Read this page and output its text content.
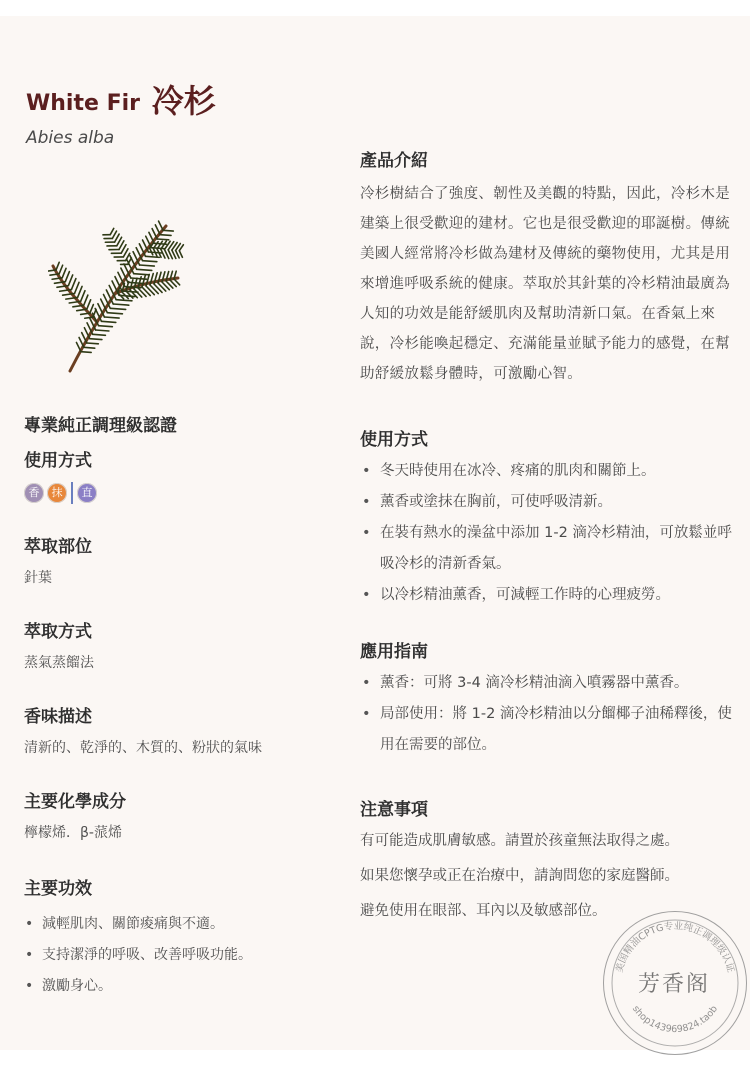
White Fir 冷杉
Abies alba
專業純正調理級認證
使用方式
香	抹	直
萃取部位
針葉
萃取方式
蒸氣蒸餾法
香味描述
清新的、乾淨的、木質的、粉狀的氣味
主要化學成分
檸檬烯．β-蒎烯
主要功效
• 減輕肌肉、關節痠痛與不適。
• 支持潔淨的呼吸、改善呼吸功能。
• 激勵身心。
產品介紹

冷杉樹結合了強度、韌性及美觀的特點，因此，冷杉木是建築上很受歡迎的建材。它也是很受歡迎的耶誕樹。傳統美國人經常將冷杉做為建材及傳統的藥物使用，尤其是用來增進呼吸系統的健康。萃取於其針葉的冷杉精油最廣為人知的功效是能舒緩肌肉及幫助清新口氣。在香氣上來說，冷杉能喚起穩定、充滿能量並賦予能力的感覺，在幫助舒緩放鬆身體時，可激勵心智。

使用方式
• 冬天時使用在冰冷、疼痛的肌肉和關節上。
• 薰香或塗抹在胸前，可使呼吸清新。
• 在裝有熱水的澡盆中添加 1-2 滴冷杉精油，可放鬆並呼吸冷杉的清新香氣。
• 以冷杉精油薰香，可減輕工作時的心理疲勞。
應用指南
• 薰香：可將 3-4 滴冷杉精油滴入噴霧器中薰香。
• 局部使用：將 1-2 滴冷杉精油以分餾椰子油稀釋後，使用在需要的部位。
注意事項

有可能造成肌膚敏感。請置於孩童無法取得之處。

如果您懷孕或正在治療中，請詢問您的家庭醫師。

避免使用在眼部、耳內以及敏感部位。

美国精油CPTG专业纯正调理级认证
shop143969824.taob
芳香阁
